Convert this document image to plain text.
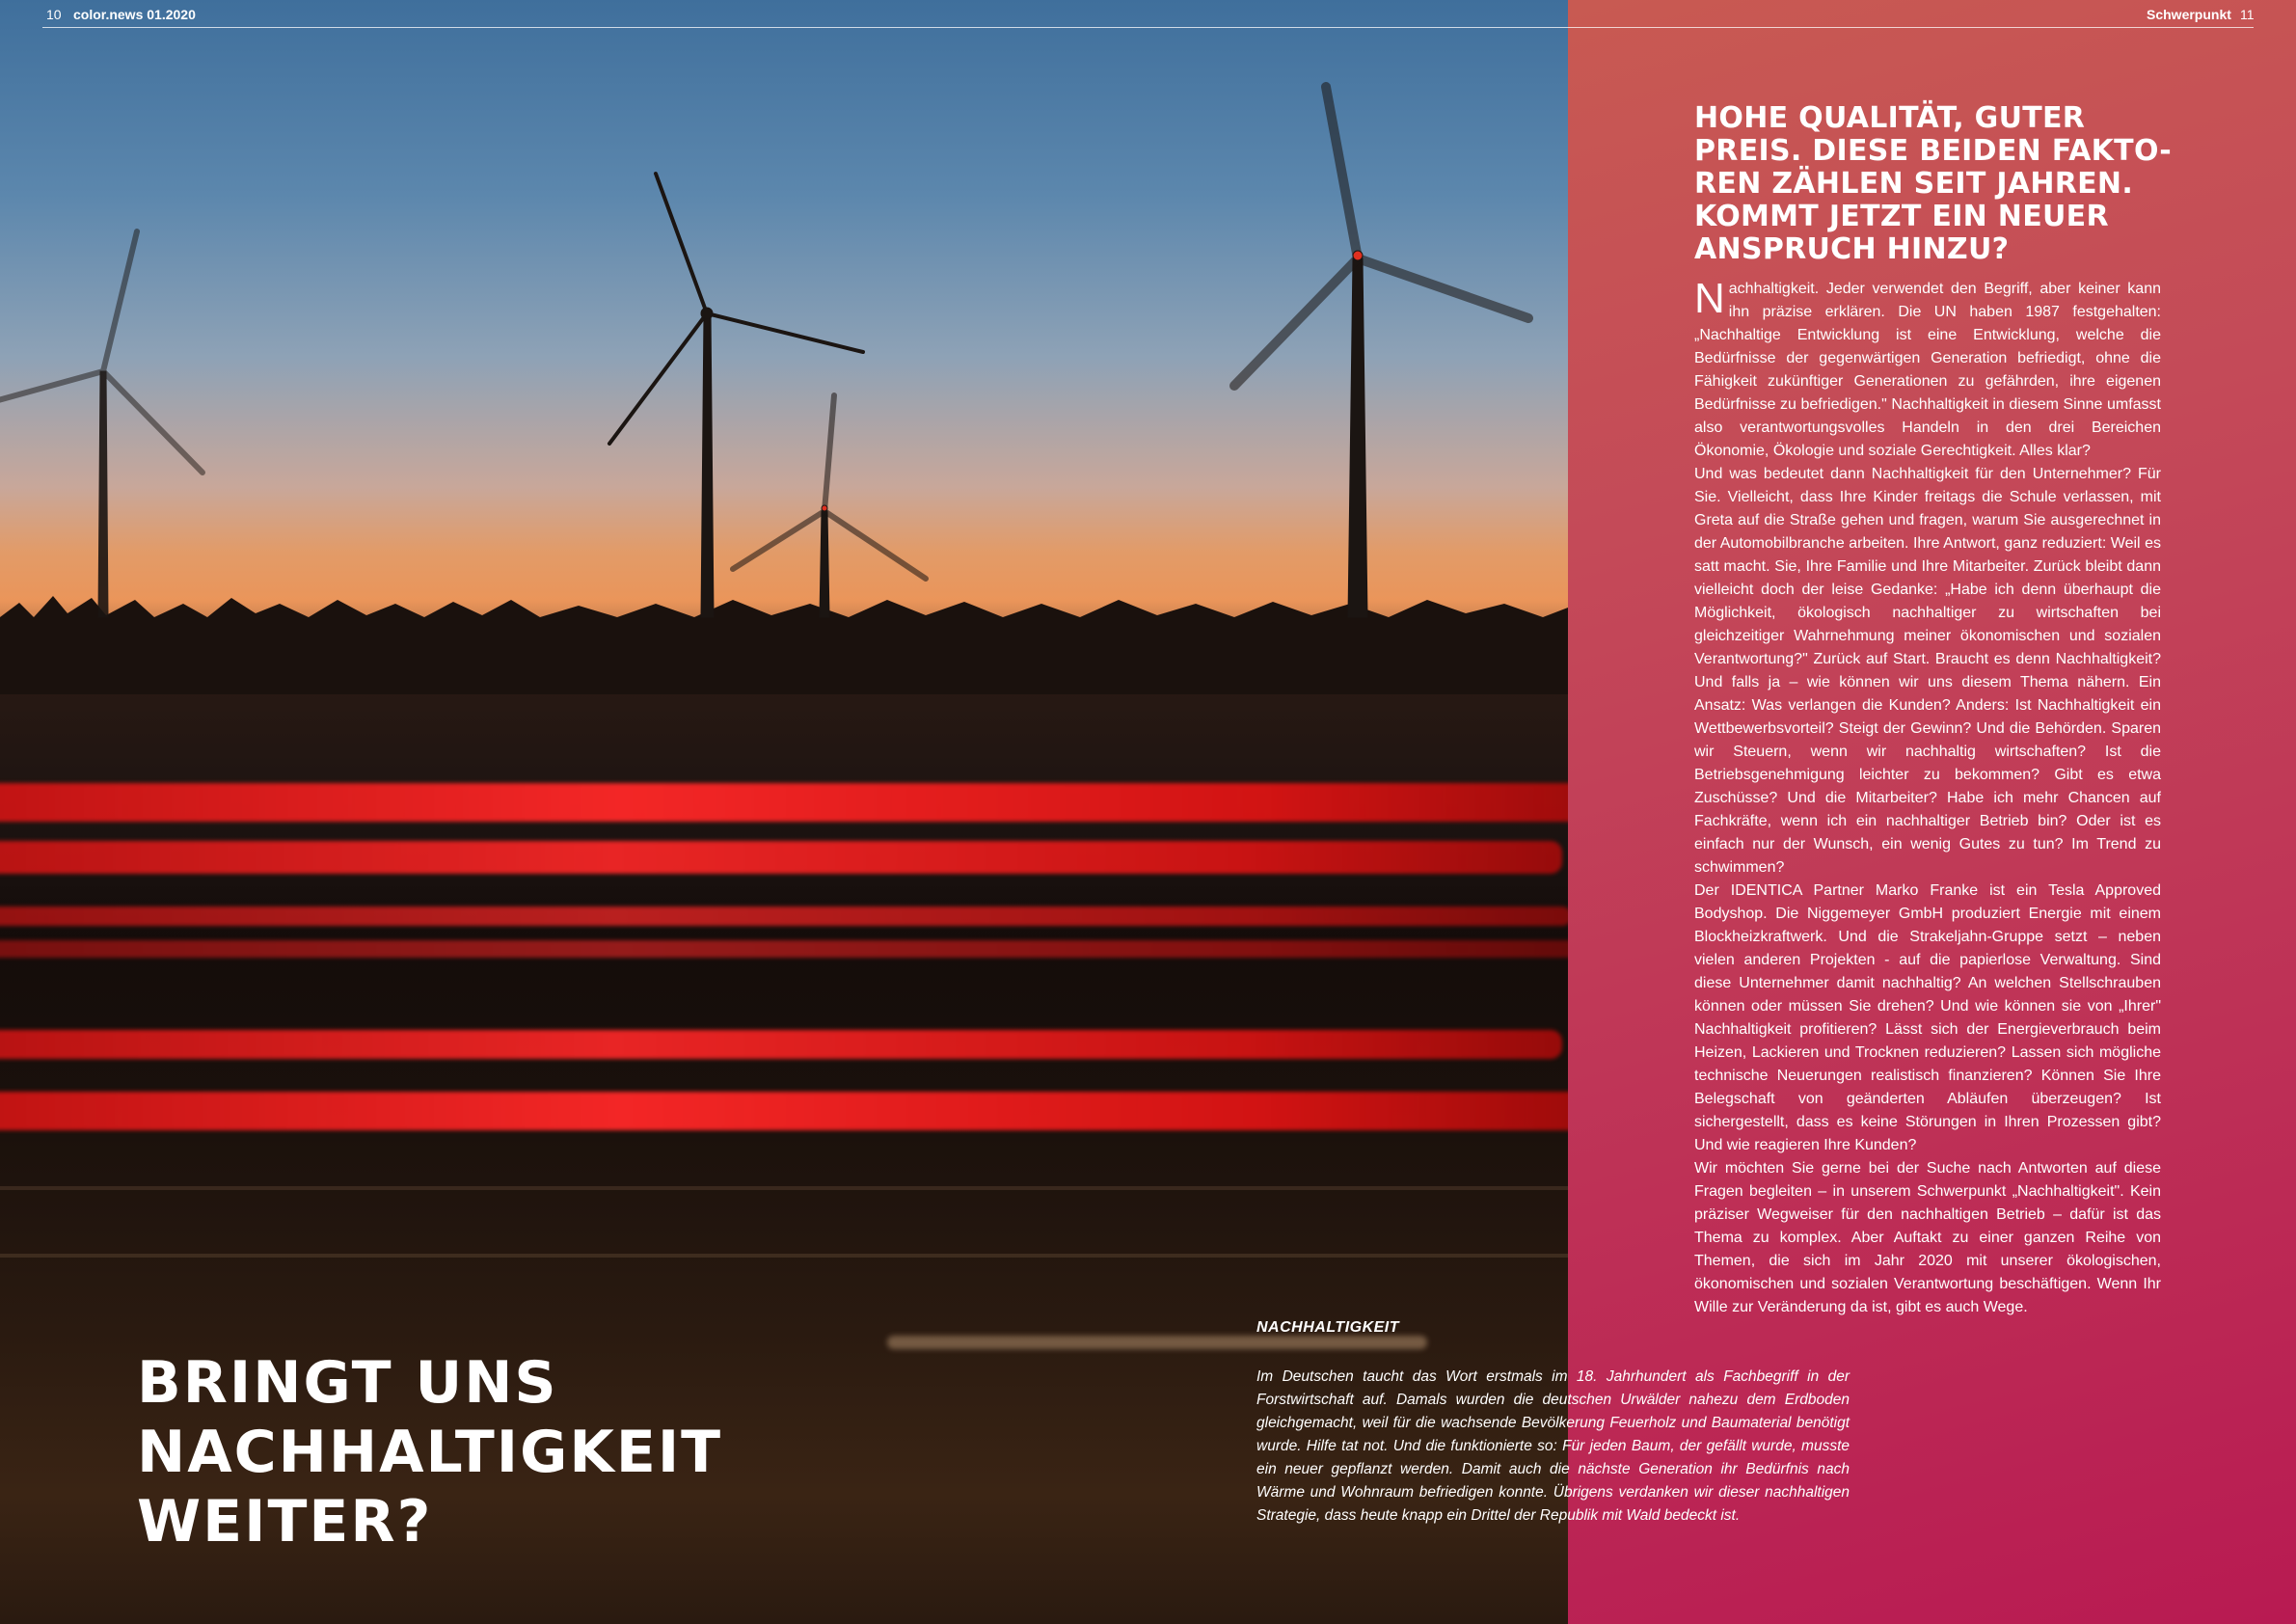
10 color.news 01.2020	Schwerpunkt 11
HOHE QUALITÄT, GUTER PREIS. DIESE BEIDEN FAKTO-REN ZÄHLEN SEIT JAHREN. KOMMT JETZT EIN NEUER ANSPRUCH HINZU?

Nachhaltigkeit. Jeder verwendet den Begriff, aber keiner kann ihn präzise erklären. Die UN haben 1987 festgehalten: „Nachhaltige Entwicklung ist eine Entwicklung, welche die Bedürfnisse der gegenwärtigen Generation befriedigt, ohne die Fähigkeit zukünftiger Generationen zu gefährden, ihre eigenen Bedürfnisse zu befriedigen." Nachhaltigkeit in diesem Sinne umfasst also verantwortungsvolles Handeln in den drei Bereichen Ökonomie, Ökologie und soziale Gerechtigkeit. Alles klar?

Und was bedeutet dann Nachhaltigkeit für den Unternehmer? Für Sie. Vielleicht, dass Ihre Kinder freitags die Schule verlassen, mit Greta auf die Straße gehen und fragen, warum Sie ausgerechnet in der Automobilbranche arbeiten. Ihre Antwort, ganz reduziert: Weil es satt macht. Sie, Ihre Familie und Ihre Mitarbeiter. Zurück bleibt dann vielleicht doch der leise Gedanke: „Habe ich denn überhaupt die Möglichkeit, ökologisch nachhaltiger zu wirtschaften bei gleichzeitiger Wahrnehmung meiner ökonomischen und sozialen Verantwortung?" Zurück auf Start. Braucht es denn Nachhaltigkeit? Und falls ja – wie können wir uns diesem Thema nähern. Ein Ansatz: Was verlangen die Kunden? Anders: Ist Nachhaltigkeit ein Wettbewerbsvorteil? Steigt der Gewinn? Und die Behörden. Sparen wir Steuern, wenn wir nachhaltig wirtschaften? Ist die Betriebsgenehmigung leichter zu bekommen? Gibt es etwa Zuschüsse? Und die Mitarbeiter? Habe ich mehr Chancen auf Fachkräfte, wenn ich ein nachhaltiger Betrieb bin? Oder ist es einfach nur der Wunsch, ein wenig Gutes zu tun? Im Trend zu schwimmen?

Der IDENTICA Partner Marko Franke ist ein Tesla Approved Bodyshop. Die Niggemeyer GmbH produziert Energie mit einem Blockheizkraftwerk. Und die Strakeljahn-Gruppe setzt – neben vielen anderen Projekten - auf die papierlose Verwaltung. Sind diese Unternehmer damit nachhaltig? An welchen Stellschrauben können oder müssen Sie drehen? Und wie können sie von „Ihrer" Nachhaltigkeit profitieren? Lässt sich der Energieverbrauch beim Heizen, Lackieren und Trocknen reduzieren? Lassen sich mögliche technische Neuerungen realistisch finanzieren? Können Sie Ihre Belegschaft von geänderten Abläufen überzeugen? Ist sichergestellt, dass es keine Störungen in Ihren Prozessen gibt? Und wie reagieren Ihre Kunden?

Wir möchten Sie gerne bei der Suche nach Antworten auf diese Fragen begleiten – in unserem Schwerpunkt „Nachhaltigkeit". Kein präziser Wegweiser für den nachhaltigen Betrieb – dafür ist das Thema zu komplex. Aber Auftakt zu einer ganzen Reihe von Themen, die sich im Jahr 2020 mit unserer ökologischen, ökonomischen und sozialen Verantwortung beschäftigen. Wenn Ihr Wille zur Veränderung da ist, gibt es auch Wege.

BRINGT UNS
NACHHALTIGKEIT
WEITER?
NACHHALTIGKEIT
Im Deutschen taucht das Wort erstmals im 18. Jahrhundert als Fachbegriff in der Forstwirtschaft auf. Damals wurden die deutschen Urwälder nahezu dem Erdboden gleichgemacht, weil für die wachsende Bevölkerung Feuerholz und Baumaterial benötigt wurde. Hilfe tat not. Und die funktionierte so: Für jeden Baum, der gefällt wurde, musste ein neuer gepflanzt werden. Damit auch die nächste Generation ihr Bedürfnis nach Wärme und Wohnraum befriedigen konnte. Übrigens verdanken wir dieser nachhaltigen Strategie, dass heute knapp ein Drittel der Republik mit Wald bedeckt ist.
